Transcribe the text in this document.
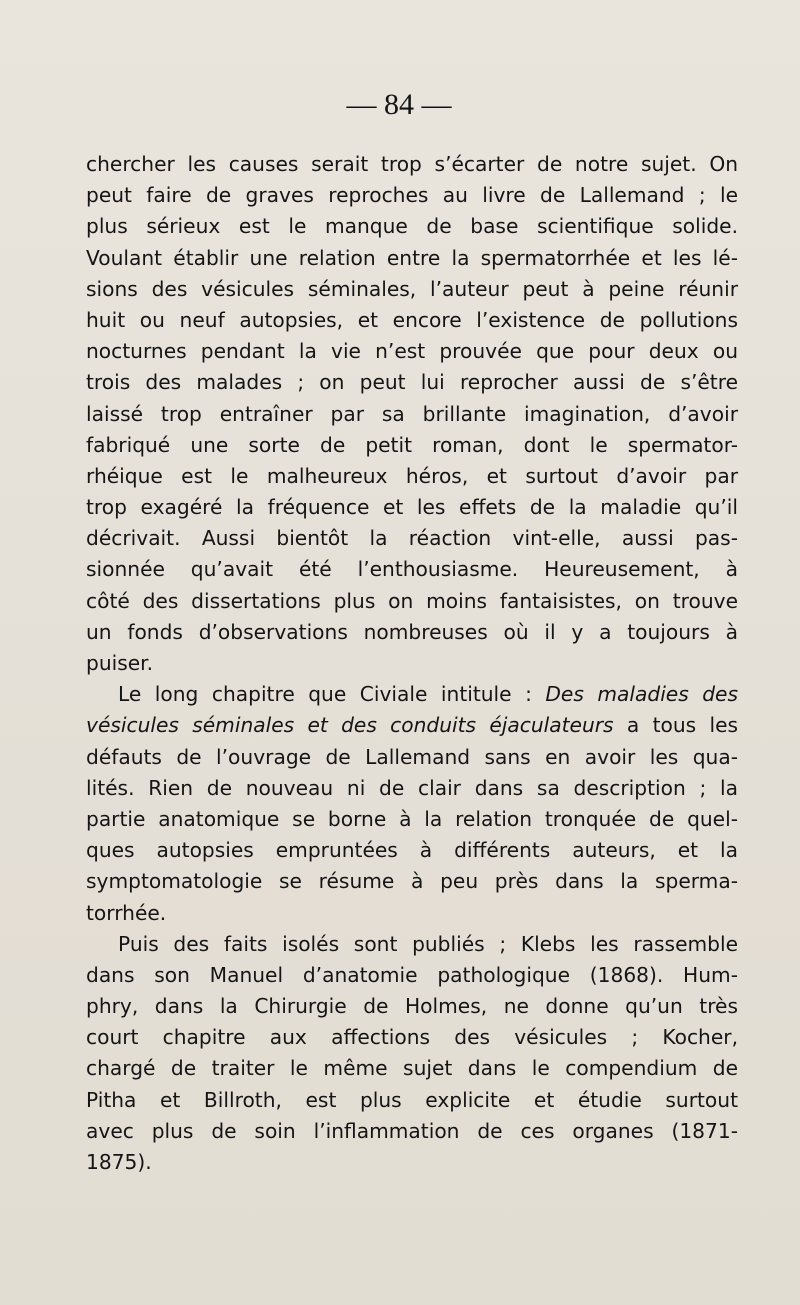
— 84 —
chercher les causes serait trop s’écarter de notre sujet. On
peut faire de graves reproches au livre de Lallemand ; le
plus sérieux est le manque de base scientifique solide.
Voulant établir une relation entre la spermatorrhée et les lé-
sions des vésicules séminales, l’auteur peut à peine réunir
huit ou neuf autopsies, et encore l’existence de pollutions
nocturnes pendant la vie n’est prouvée que pour deux ou
trois des malades ; on peut lui reprocher aussi de s’être
laissé trop entraîner par sa brillante imagination, d’avoir
fabriqué une sorte de petit roman, dont le spermator-
rhéique est le malheureux héros, et surtout d’avoir par
trop exagéré la fréquence et les effets de la maladie qu’il
décrivait. Aussi bientôt la réaction vint-elle, aussi pas-
sionnée qu’avait été l’enthousiasme. Heureusement, à
côté des dissertations plus on moins fantaisistes, on trouve
un fonds d’observations nombreuses où il y a toujours à
puiser.
Le long chapitre que Civiale intitule : Des maladies des
vésicules séminales et des conduits éjaculateurs a tous les
défauts de l’ouvrage de Lallemand sans en avoir les qua-
lités. Rien de nouveau ni de clair dans sa description ; la
partie anatomique se borne à la relation tronquée de quel-
ques autopsies empruntées à différents auteurs, et la
symptomatologie se résume à peu près dans la sperma-
torrhée.
Puis des faits isolés sont publiés ; Klebs les rassemble
dans son Manuel d’anatomie pathologique (1868). Hum-
phry, dans la Chirurgie de Holmes, ne donne qu’un très
court chapitre aux affections des vésicules ; Kocher,
chargé de traiter le même sujet dans le compendium de
Pitha et Billroth, est plus explicite et étudie surtout
avec plus de soin l’inflammation de ces organes (1871-
1875).
